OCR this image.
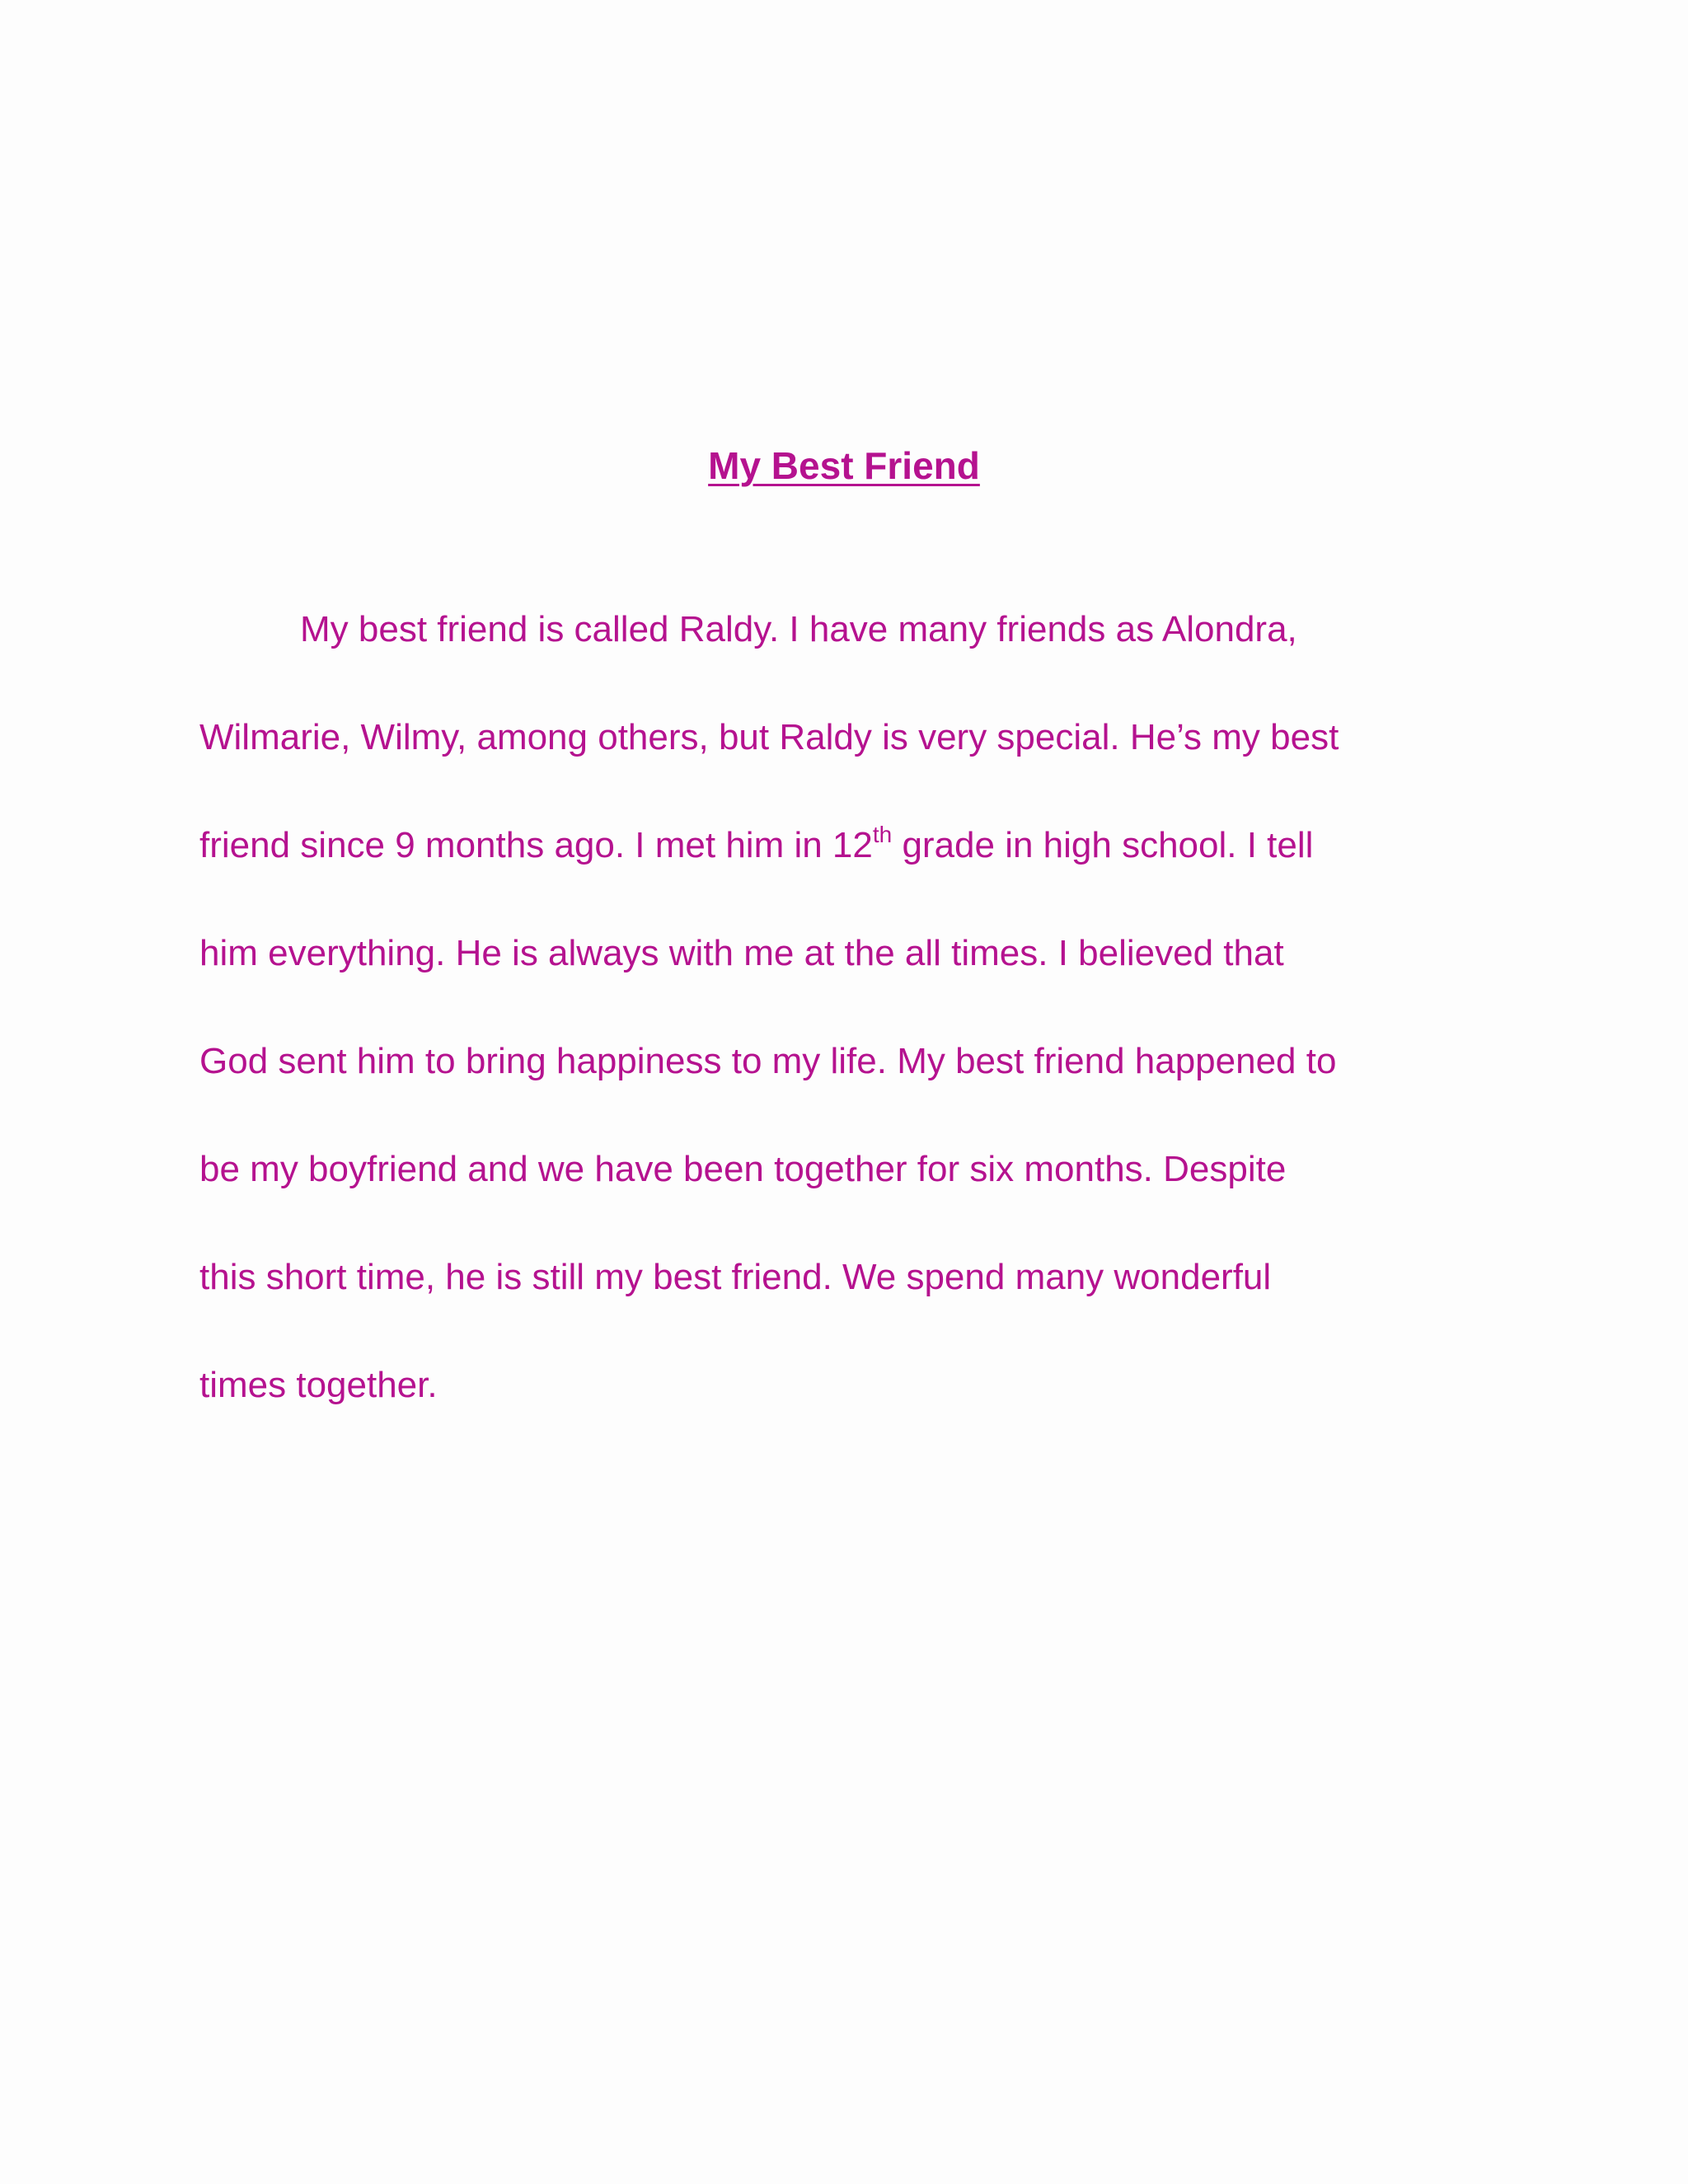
My Best Friend
My best friend is called Raldy. I have many friends as Alondra,
Wilmarie, Wilmy, among others, but Raldy is very special. He’s my best
friend since 9 months ago. I met him in 12th grade in high school. I tell
him everything. He is always with me at the all times. I believed that
God sent him to bring happiness to my life. My best friend happened to
be my boyfriend and we have been together for six months. Despite
this short time, he is still my best friend. We spend many wonderful
times together.
